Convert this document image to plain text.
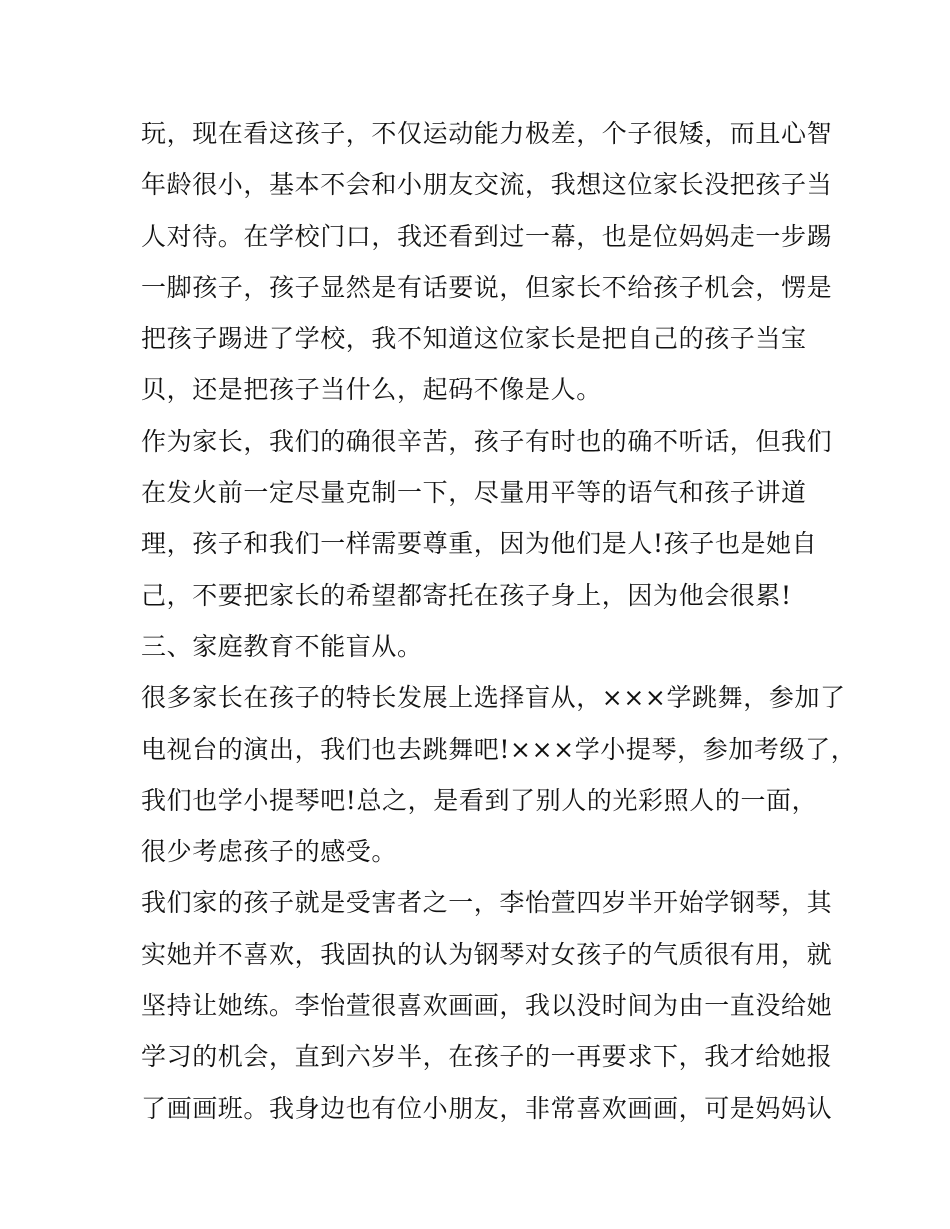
玩，现在看这孩子，不仅运动能力极差，个子很矮，而且心智
年龄很小，基本不会和小朋友交流，我想这位家长没把孩子当
人对待。在学校门口，我还看到过一幕，也是位妈妈走一步踢
一脚孩子，孩子显然是有话要说，但家长不给孩子机会，愣是
把孩子踢进了学校，我不知道这位家长是把自己的孩子当宝
贝，还是把孩子当什么，起码不像是人。
作为家长，我们的确很辛苦，孩子有时也的确不听话，但我们
在发火前一定尽量克制一下，尽量用平等的语气和孩子讲道
理，孩子和我们一样需要尊重，因为他们是人!孩子也是她自
己，不要把家长的希望都寄托在孩子身上，因为他会很累!
三、家庭教育不能盲从。
很多家长在孩子的特长发展上选择盲从，×××学跳舞，参加了
电视台的演出，我们也去跳舞吧!×××学小提琴，参加考级了，
我们也学小提琴吧!总之，是看到了别人的光彩照人的一面，
很少考虑孩子的感受。
我们家的孩子就是受害者之一，李怡萱四岁半开始学钢琴，其
实她并不喜欢，我固执的认为钢琴对女孩子的气质很有用，就
坚持让她练。李怡萱很喜欢画画，我以没时间为由一直没给她
学习的机会，直到六岁半，在孩子的一再要求下，我才给她报
了画画班。我身边也有位小朋友，非常喜欢画画，可是妈妈认
